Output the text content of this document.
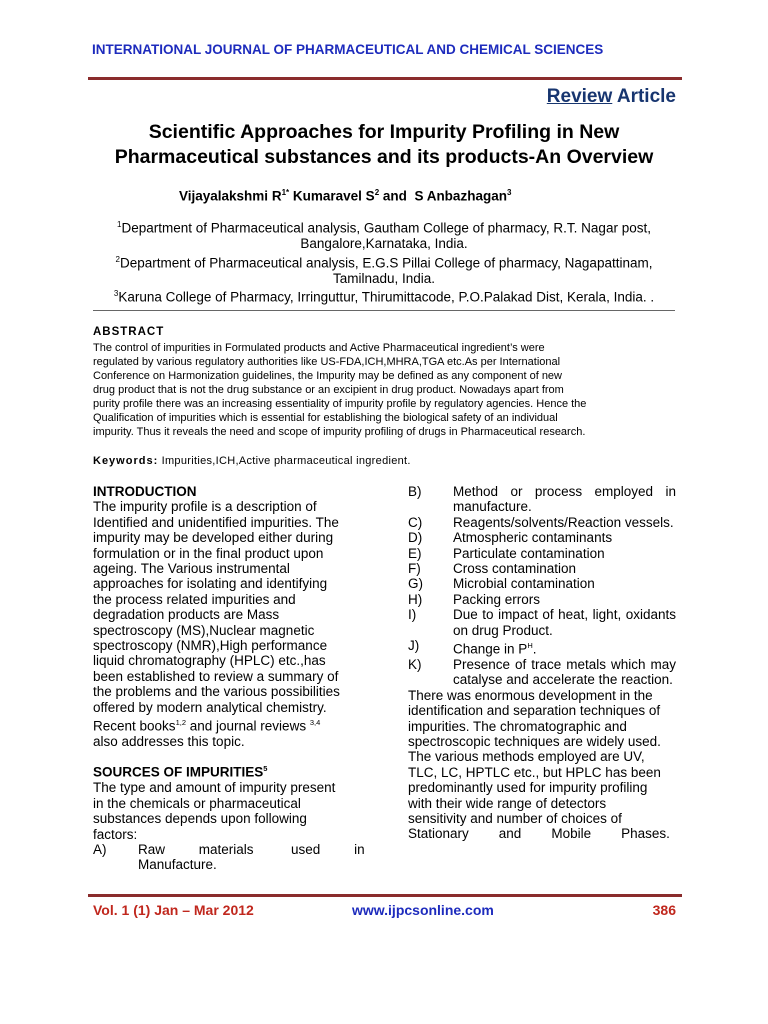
INTERNATIONAL JOURNAL OF PHARMACEUTICAL AND CHEMICAL SCIENCES
Review Article
Scientific Approaches for Impurity Profiling in New
Pharmaceutical substances and its products-An Overview
Vijayalakshmi $R^{1*}$ Kumaravel $S^2$ and S Anbazhagan$^3$
$^1$Department of Pharmaceutical analysis, Gautham College of pharmacy, R.T. Nagar post,
Bangalore,Karnataka, India.
$^2$Department of Pharmaceutical analysis, E.G.S Pillai College of pharmacy, Nagapattinam,
Tamilnadu, India.
$^3$Karuna College of Pharmacy, Irringuttur, Thirumittacode, P.O.Palakad Dist, Kerala, India. .
ABSTRACT
The control of impurities in Formulated products and Active Pharmaceutical ingredient’s were
regulated by various regulatory authorities like US-FDA,ICH,MHRA,TGA etc.As per International
Conference on Harmonization guidelines, the Impurity may be defined as any component of new
drug product that is not the drug substance or an excipient in drug product. Nowadays apart from
purity profile there was an increasing essentiality of impurity profile by regulatory agencies. Hence the
Qualification of impurities which is essential for establishing the biological safety of an individual
impurity. Thus it reveals the need and scope of impurity profiling of drugs in Pharmaceutical research.
Keywords: Impurities,ICH,Active pharmaceutical ingredient.
INTRODUCTION
The impurity profile is a description of
Identified and unidentified impurities. The
impurity may be developed either during
formulation or in the final product upon
ageing. The Various instrumental
approaches for isolating and identifying
the process related impurities and
degradation products are Mass
spectroscopy (MS),Nuclear magnetic
spectroscopy (NMR),High performance
liquid chromatography (HPLC) etc.,has
been established to review a summary of
the problems and the various possibilities
offered by modern analytical chemistry.
Recent books$^{1,2}$ and journal reviews $^{3,4}$
also addresses this topic.
SOURCES OF IMPURITIES$^5$
The type and amount of impurity present
in the chemicals or pharmaceutical
substances depends upon following
factors:
A)	Raw         materials          used         in
Manufacture.
B)	Method or process employed in manufacture.
C)	Reagents/solvents/Reaction vessels.
D)	Atmospheric contaminants
E)	Particulate contamination
F)	Cross contamination
G)	Microbial contamination
H)	Packing errors
I)	Due to impact of heat, light, oxidants on drug Product.
J)	Change in P$^H$.
K)	Presence of trace metals which may catalyse and accelerate the reaction.
There was enormous development in the
identification and separation techniques of
impurities. The chromatographic and
spectroscopic techniques are widely used.
The various methods employed are UV,
TLC, LC, HPTLC etc., but HPLC has been
predominantly used for impurity profiling
with their wide range of detectors
sensitivity and number of choices of
Stationary        and        Mobile        Phases.
Vol. 1 (1) Jan – Mar 2012	www.ijpcsonline.com	386
